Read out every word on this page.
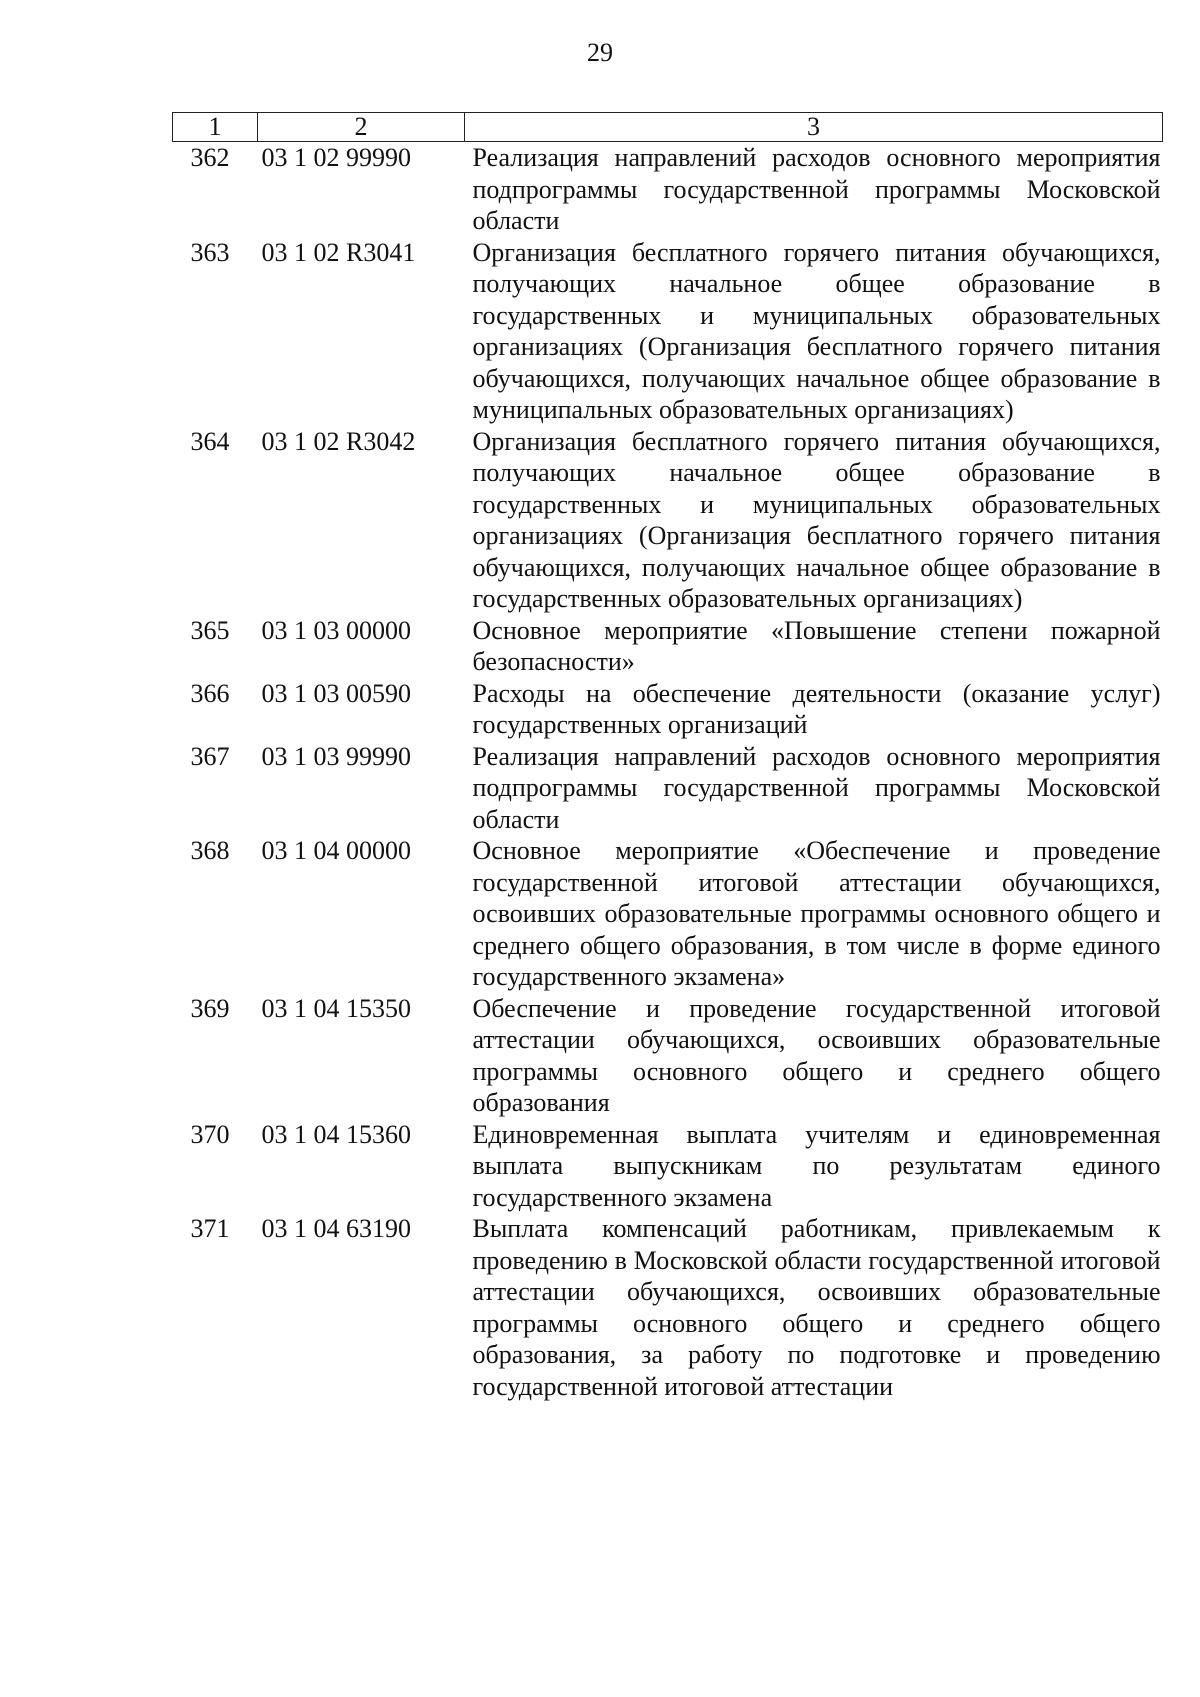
29
1	2	3
362	03 1 02 99990	Реализация направлений расходов основного мероприятия подпрограммы государственной программы Московской области
363	03 1 02 R3041	Организация бесплатного горячего питания обучающихся, получающих начальное общее образование в государственных и муниципальных образовательных организациях (Организация бесплатного горячего питания обучающихся, получающих начальное общее образование в муниципальных образовательных организациях)
364	03 1 02 R3042	Организация бесплатного горячего питания обучающихся, получающих начальное общее образование в государственных и муниципальных образовательных организациях (Организация бесплатного горячего питания обучающихся, получающих начальное общее образование в государственных образовательных организациях)
365	03 1 03 00000	Основное мероприятие «Повышение степени пожарной безопасности»
366	03 1 03 00590	Расходы на обеспечение деятельности (оказание услуг) государственных организаций
367	03 1 03 99990	Реализация направлений расходов основного мероприятия подпрограммы государственной программы Московской области
368	03 1 04 00000	Основное мероприятие «Обеспечение и проведение государственной итоговой аттестации обучающихся, освоивших образовательные программы основного общего и среднего общего образования, в том числе в форме единого государственного экзамена»
369	03 1 04 15350	Обеспечение и проведение государственной итоговой аттестации обучающихся, освоивших образовательные программы основного общего и среднего общего образования
370	03 1 04 15360	Единовременная выплата учителям и единовременная выплата выпускникам по результатам единого государственного экзамена
371	03 1 04 63190	Выплата компенсаций работникам, привлекаемым к проведению в Московской области государственной итоговой аттестации обучающихся, освоивших образовательные программы основного общего и среднего общего образования, за работу по подготовке и проведению государственной итоговой аттестации
